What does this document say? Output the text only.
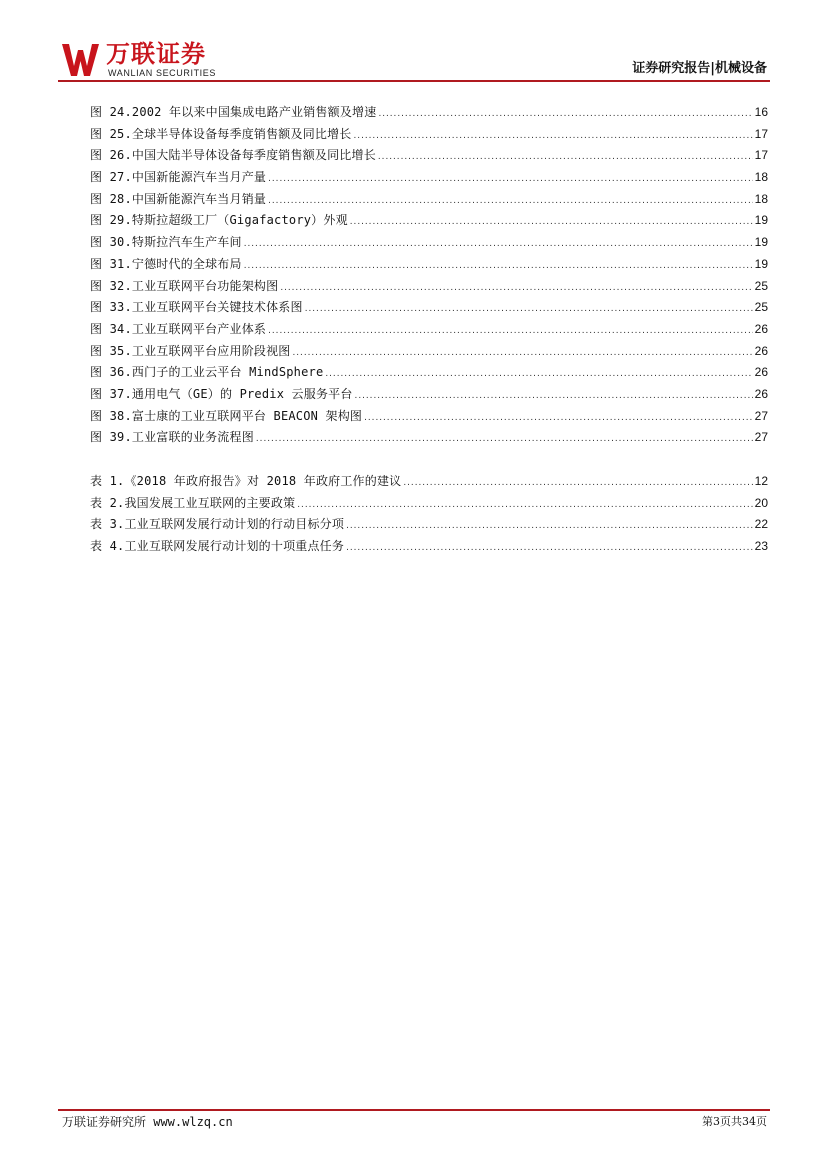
万联证券
WANLIAN SECURITIES	证券研究报告|机械设备
图 24.2002 年以来中国集成电路产业销售额及增速 .....	16
图 25.全球半导体设备每季度销售额及同比增长 .....	17
图 26.中国大陆半导体设备每季度销售额及同比增长 .....	17
图 27.中国新能源汽车当月产量 .....	18
图 28.中国新能源汽车当月销量 .....	18
图 29.特斯拉超级工厂（Gigafactory）外观 .....	19
图 30.特斯拉汽车生产车间 .....	19
图 31.宁德时代的全球布局 .....	19
图 32.工业互联网平台功能架构图 .....	25
图 33.工业互联网平台关键技术体系图 .....	25
图 34.工业互联网平台产业体系 .....	26
图 35.工业互联网平台应用阶段视图 .....	26
图 36.西门子的工业云平台 MindSphere .....	26
图 37.通用电气（GE）的 Predix 云服务平台 .....	26
图 38.富士康的工业互联网平台 BEACON 架构图 .....	27
图 39.工业富联的业务流程图 .....	27
表 1.《2018 年政府报告》对 2018 年政府工作的建议 .....	12
表 2.我国发展工业互联网的主要政策 .....	20
表 3.工业互联网发展行动计划的行动目标分项 .....	22
表 4.工业互联网发展行动计划的十项重点任务 .....	23
万联证券研究所 www.wlzq.cn	第3页共34页
